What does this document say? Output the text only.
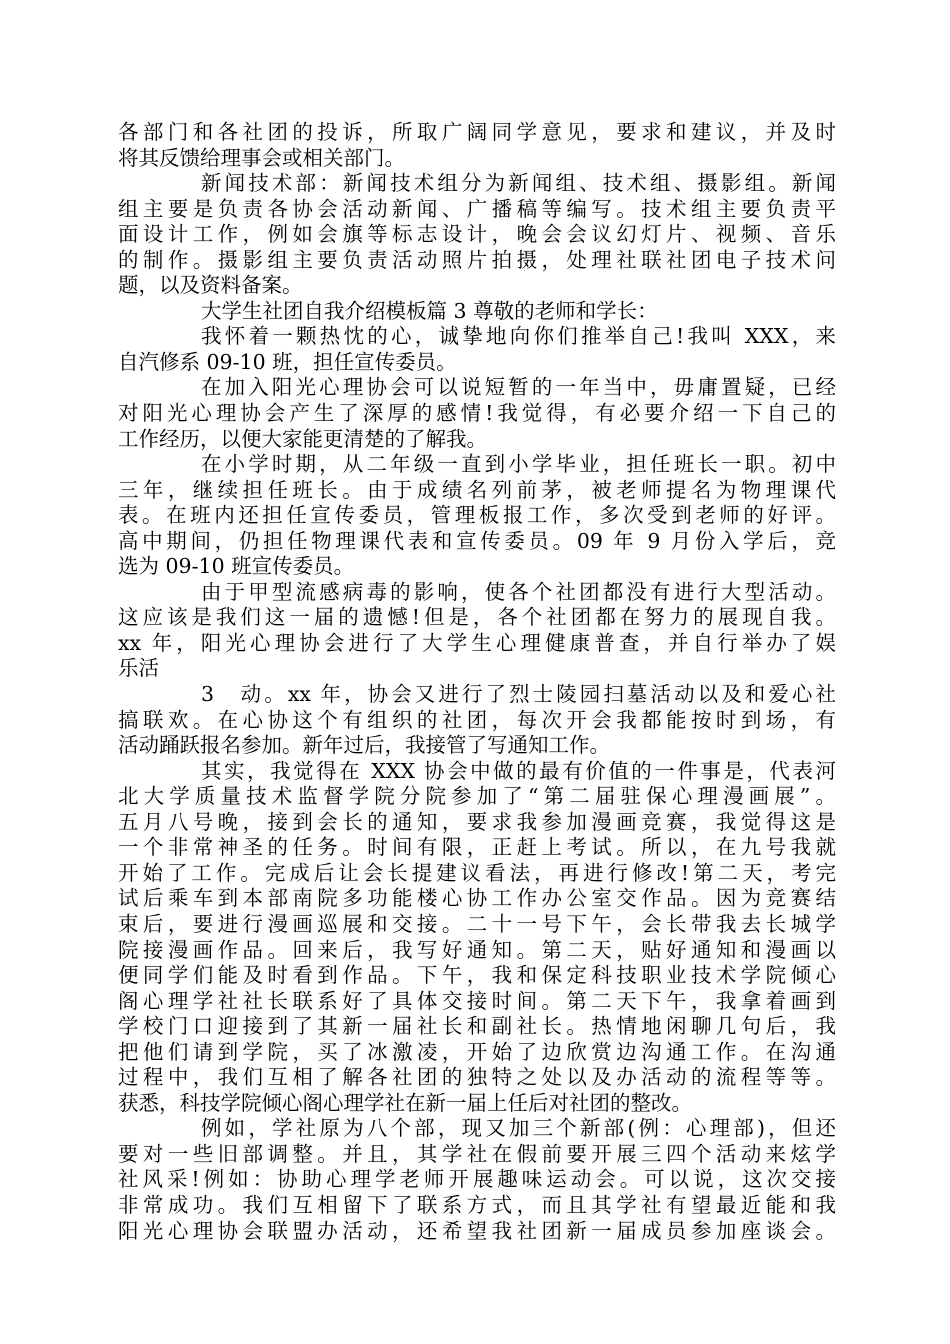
各部门和各社团的投诉，所取广阔同学意见，要求和建议，并及时
将其反馈给理事会或相关部门。
新闻技术部：新闻技术组分为新闻组、技术组、摄影组。新闻
组主要是负责各协会活动新闻、广播稿等编写。技术组主要负责平
面设计工作，例如会旗等标志设计，晚会会议幻灯片、视频、音乐
的制作。摄影组主要负责活动照片拍摄，处理社联社团电子技术问
题，以及资料备案。
大学生社团自我介绍模板篇 3 尊敬的老师和学长：
我怀着一颗热忱的心，诚挚地向你们推举自己!我叫 XXX，来
自汽修系 09-10 班，担任宣传委员。
在加入阳光心理协会可以说短暂的一年当中，毋庸置疑，已经
对阳光心理协会产生了深厚的感情!我觉得，有必要介绍一下自己的
工作经历，以便大家能更清楚的了解我。
在小学时期，从二年级一直到小学毕业，担任班长一职。初中
三年，继续担任班长。由于成绩名列前茅，被老师提名为物理课代
表。在班内还担任宣传委员，管理板报工作，多次受到老师的好评。
高中期间，仍担任物理课代表和宣传委员。09 年 9 月份入学后，竞
选为 09-10 班宣传委员。
由于甲型流感病毒的影响，使各个社团都没有进行大型活动。
这应该是我们这一届的遗憾!但是，各个社团都在努力的展现自我。
xx 年，阳光心理协会进行了大学生心理健康普查，并自行举办了娱
乐活
3　动。xx 年，协会又进行了烈士陵园扫墓活动以及和爱心社
搞联欢。在心协这个有组织的社团，每次开会我都能按时到场，有
活动踊跃报名参加。新年过后，我接管了写通知工作。
其实，我觉得在 XXX 协会中做的最有价值的一件事是，代表河
北大学质量技术监督学院分院参加了“第二届驻保心理漫画展”。
五月八号晚，接到会长的通知，要求我参加漫画竞赛，我觉得这是
一个非常神圣的任务。时间有限，正赶上考试。所以，在九号我就
开始了工作。完成后让会长提建议看法，再进行修改!第二天，考完
试后乘车到本部南院多功能楼心协工作办公室交作品。因为竞赛结
束后，要进行漫画巡展和交接。二十一号下午，会长带我去长城学
院接漫画作品。回来后，我写好通知。第二天，贴好通知和漫画以
便同学们能及时看到作品。下午，我和保定科技职业技术学院倾心
阁心理学社社长联系好了具体交接时间。第二天下午，我拿着画到
学校门口迎接到了其新一届社长和副社长。热情地闲聊几句后，我
把他们请到学院，买了冰激凌，开始了边欣赏边沟通工作。在沟通
过程中，我们互相了解各社团的独特之处以及办活动的流程等等。
获悉，科技学院倾心阁心理学社在新一届上任后对社团的整改。
例如，学社原为八个部，现又加三个新部(例：心理部)，但还
要对一些旧部调整。并且，其学社在假前要开展三四个活动来炫学
社风采!例如：协助心理学老师开展趣味运动会。可以说，这次交接
非常成功。我们互相留下了联系方式，而且其学社有望最近能和我
阳光心理协会联盟办活动，还希望我社团新一届成员参加座谈会。
